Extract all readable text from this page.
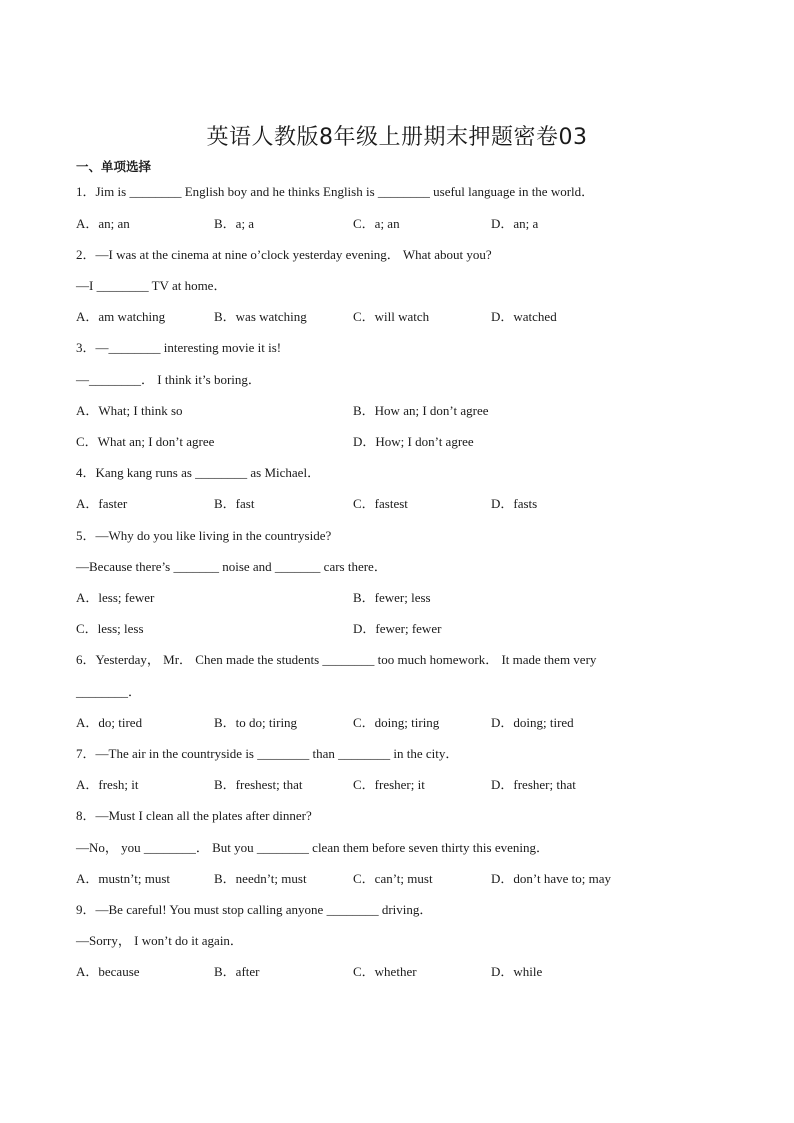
英语人教版8年级上册期末押题密卷03
一、单项选择
1．Jim is ________ English boy and he thinks English is ________ useful language in the world．
A．an; an	B．a; a	C．a; an	D．an; a
2．—I was at the cinema at nine o’clock yesterday evening． What about you?
—I ________ TV at home．
A．am watching	B．was watching	C．will watch	D．watched
3．—________ interesting movie it is!
—________． I think it’s boring．
A．What; I think so	B．How an; I don’t agree
C．What an; I don’t agree	D．How; I don’t agree
4．Kang kang runs as ________ as Michael．
A．faster	B．fast	C．fastest	D．fasts
5．—Why do you like living in the countryside?
—Because there’s _______ noise and _______ cars there．
A．less; fewer	B．fewer; less
C．less; less	D．fewer; fewer
6．Yesterday， Mr． Chen made the students ________ too much homework． It made them very
________．
A．do; tired	B．to do; tiring	C．doing; tiring	D．doing; tired
7．—The air in the countryside is ________ than ________ in the city．
A．fresh; it	B．freshest; that	C．fresher; it	D．fresher; that
8．—Must I clean all the plates after dinner?
—No， you ________． But you ________ clean them before seven thirty this evening．
A．mustn’t; must	B．needn’t; must	C．can’t; must	D．don’t have to; may
9．—Be careful! You must stop calling anyone ________ driving．
—Sorry， I won’t do it again．
A．because	B．after	C．whether	D．while
